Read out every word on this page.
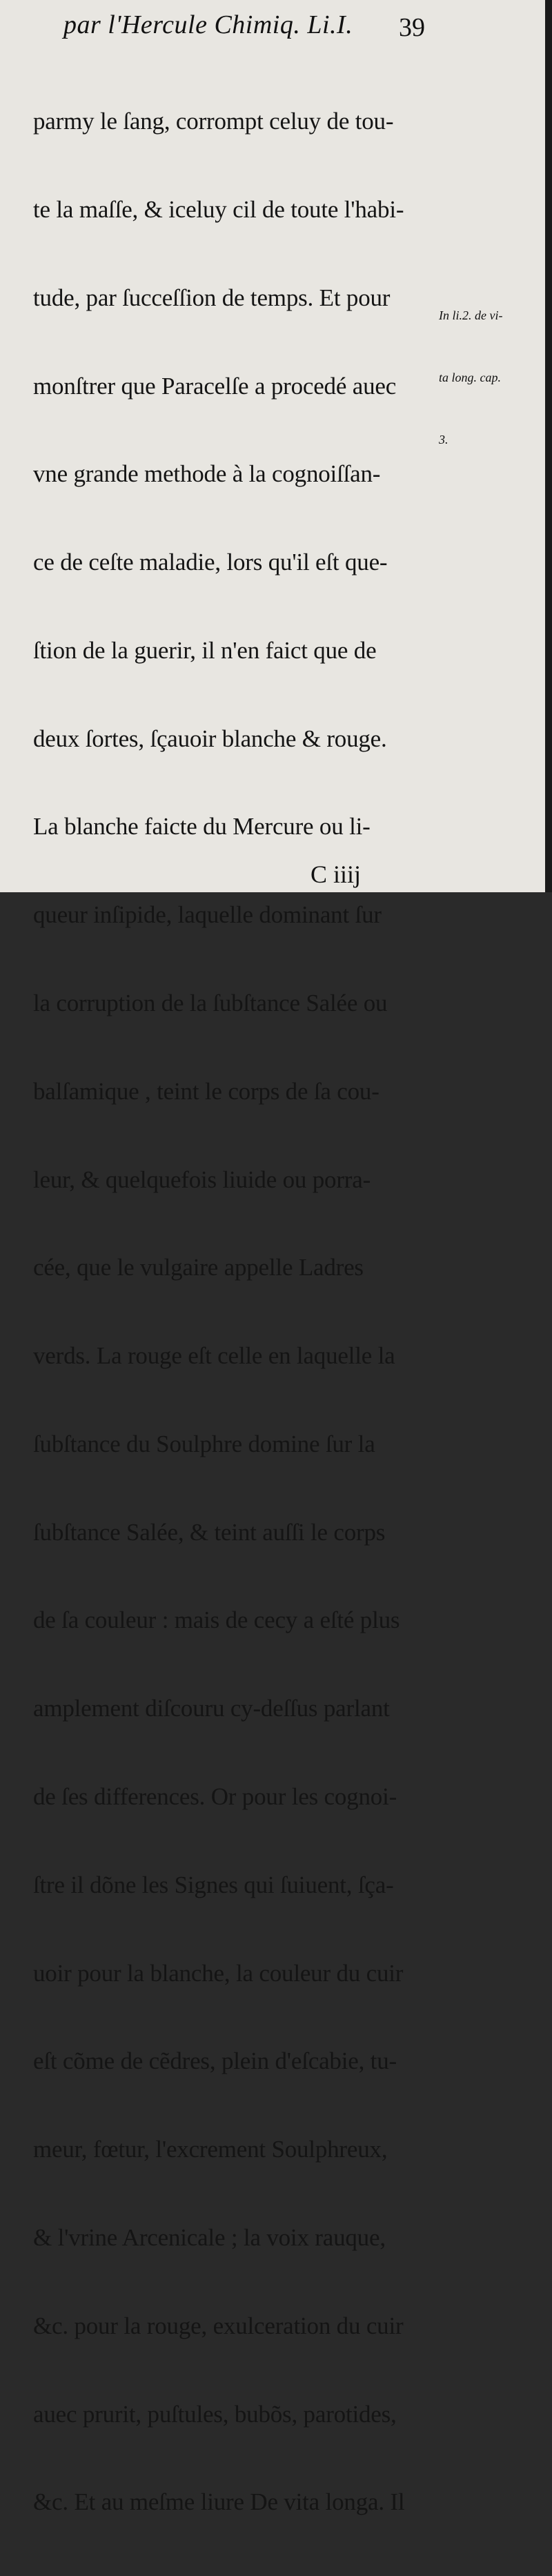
par l'Hercule Chimiq. Li.I. 39

parmy le ſang, corrompt celuy de tou-

te la maſſe, & iceluy cil de toute l'habi-

tude, par ſucceſſion de temps. Et pour

monſtrer que Paracelſe a procedé auec

vne grande methode à la cognoiſſan-

ce de ceſte maladie, lors qu'il eſt que-

ſtion de la guerir, il n'en faict que de

deux ſortes, ſçauoir blanche & rouge.

La blanche faicte du Mercure ou li-

queur inſipide, laquelle dominant ſur

la corruption de la ſubſtance Salée ou

balſamique , teint le corps de ſa cou-

leur, & quelquefois liuide ou porra-

cée, que le vulgaire appelle Ladres

verds. La rouge eſt celle en laquelle la

ſubſtance du Soulphre domine ſur la

ſubſtance Salée, & teint auſſi le corps

de ſa couleur : mais de cecy a eſté plus

amplement diſcouru cy-deſſus parlant

de ſes differences. Or pour les cognoi-

ſtre il dõne les Signes qui ſuiuent, ſça-

uoir pour la blanche, la couleur du cuir

eſt cõme de cẽdres, plein d'eſcabie, tu-

meur, fœtur, l'excrement Soulphreux,

& l'vrine Arcenicale ; la voix rauque,

&c. pour la rouge, exulceration du cuir

auec prurit, puſtules, bubõs, parotides,

&c. Et au meſme liure De vita longa. Il

In li.2. de vi-

ta long. cap.

3.

C iiij
